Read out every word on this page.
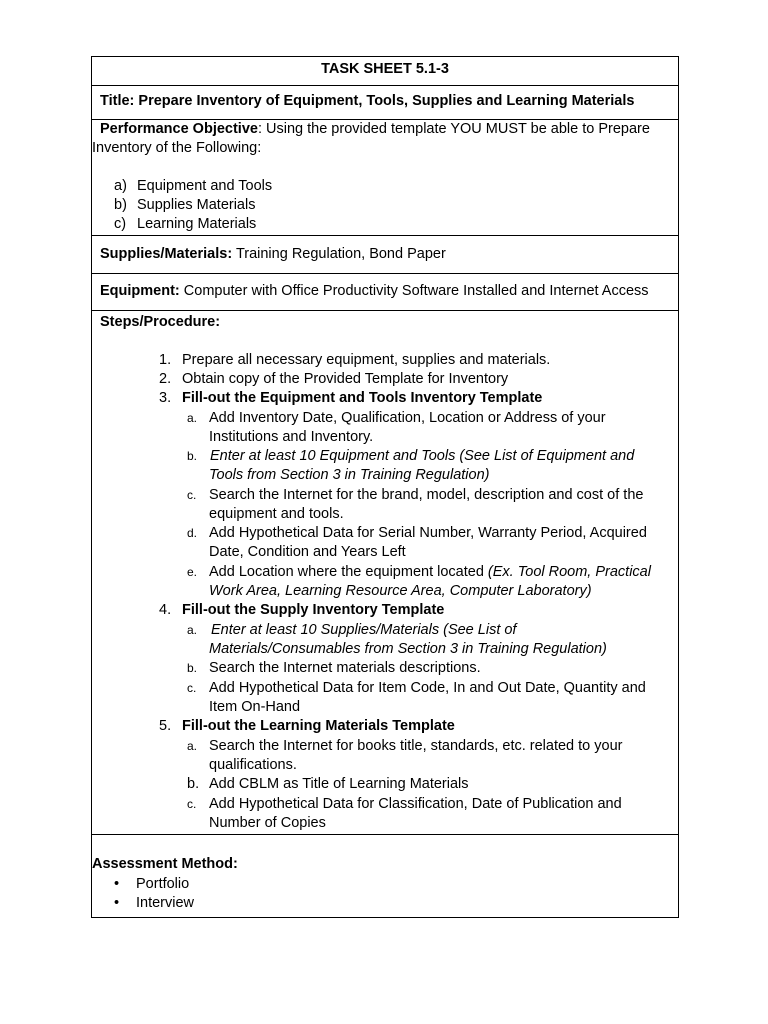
TASK SHEET 5.1-3
Title: Prepare Inventory of Equipment, Tools, Supplies and Learning Materials
Performance Objective: Using the provided template YOU MUST be able to Prepare
Inventory of the Following:
a) Equipment and Tools
b) Supplies Materials
c) Learning Materials
Supplies/Materials: Training Regulation, Bond Paper
Equipment: Computer with Office Productivity Software Installed and Internet Access
Steps/Procedure:
1. Prepare all necessary equipment, supplies and materials.
2. Obtain copy of the Provided Template for Inventory
3. Fill-out the Equipment and Tools Inventory Template
a. Add Inventory Date, Qualification, Location or Address of your
Institutions and Inventory.
b. Enter at least 10 Equipment and Tools (See List of Equipment and
Tools from Section 3 in Training Regulation)
c. Search the Internet for the brand, model, description and cost of the
equipment and tools.
d. Add Hypothetical Data for Serial Number, Warranty Period, Acquired
Date, Condition and Years Left
e. Add Location where the equipment located (Ex. Tool Room, Practical
Work Area, Learning Resource Area, Computer Laboratory)
4. Fill-out the Supply Inventory Template
a. Enter at least 10 Supplies/Materials (See List of
Materials/Consumables from Section 3 in Training Regulation)
b. Search the Internet materials descriptions.
c. Add Hypothetical Data for Item Code, In and Out Date, Quantity and
Item On-Hand
5. Fill-out the Learning Materials Template
a. Search the Internet for books title, standards, etc. related to your
qualifications.
b. Add CBLM as Title of Learning Materials
c. Add Hypothetical Data for Classification, Date of Publication and
Number of Copies
Assessment Method:
• Portfolio
• Interview
